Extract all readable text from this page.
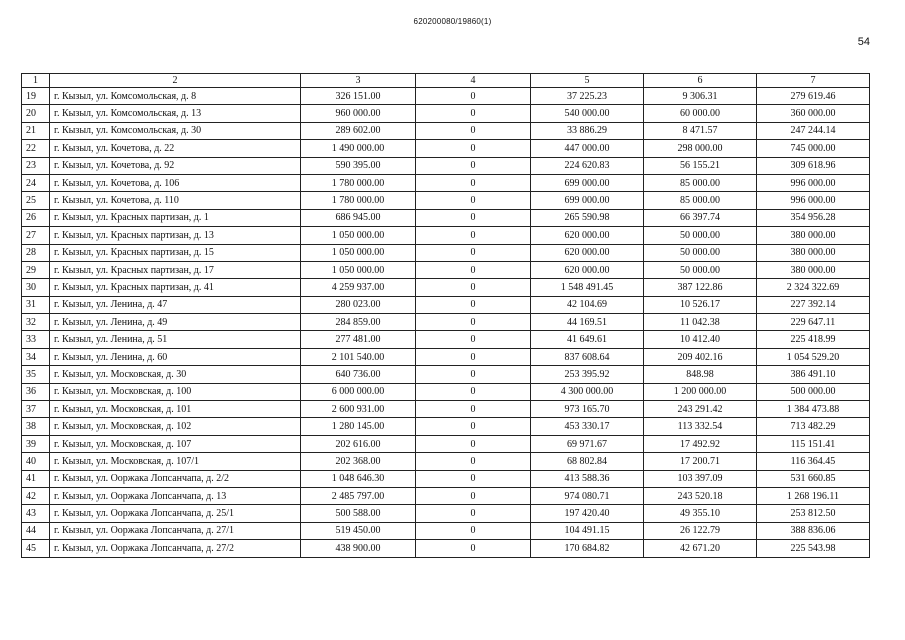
620200080/19860(1)
54
1	2	3	4	5	6	7
19	г. Кызыл, ул. Комсомольская, д. 8	326 151.00	0	37 225.23	9 306.31	279 619.46
20	г. Кызыл, ул. Комсомольская, д. 13	960 000.00	0	540 000.00	60 000.00	360 000.00
21	г. Кызыл, ул. Комсомольская, д. 30	289 602.00	0	33 886.29	8 471.57	247 244.14
22	г. Кызыл, ул. Кочетова, д. 22	1 490 000.00	0	447 000.00	298 000.00	745 000.00
23	г. Кызыл, ул. Кочетова, д. 92	590 395.00	0	224 620.83	56 155.21	309 618.96
24	г. Кызыл, ул. Кочетова, д. 106	1 780 000.00	0	699 000.00	85 000.00	996 000.00
25	г. Кызыл, ул. Кочетова, д. 110	1 780 000.00	0	699 000.00	85 000.00	996 000.00
26	г. Кызыл, ул. Красных партизан, д. 1	686 945.00	0	265 590.98	66 397.74	354 956.28
27	г. Кызыл, ул. Красных партизан, д. 13	1 050 000.00	0	620 000.00	50 000.00	380 000.00
28	г. Кызыл, ул. Красных партизан, д. 15	1 050 000.00	0	620 000.00	50 000.00	380 000.00
29	г. Кызыл, ул. Красных партизан, д. 17	1 050 000.00	0	620 000.00	50 000.00	380 000.00
30	г. Кызыл, ул. Красных партизан, д. 41	4 259 937.00	0	1 548 491.45	387 122.86	2 324 322.69
31	г. Кызыл, ул. Ленина, д. 47	280 023.00	0	42 104.69	10 526.17	227 392.14
32	г. Кызыл, ул. Ленина, д. 49	284 859.00	0	44 169.51	11 042.38	229 647.11
33	г. Кызыл, ул. Ленина, д. 51	277 481.00	0	41 649.61	10 412.40	225 418.99
34	г. Кызыл, ул. Ленина, д. 60	2 101 540.00	0	837 608.64	209 402.16	1 054 529.20
35	г. Кызыл, ул. Московская, д. 30	640 736.00	0	253 395.92	848.98	386 491.10
36	г. Кызыл, ул. Московская, д. 100	6 000 000.00	0	4 300 000.00	1 200 000.00	500 000.00
37	г. Кызыл, ул. Московская, д. 101	2 600 931.00	0	973 165.70	243 291.42	1 384 473.88
38	г. Кызыл, ул. Московская, д. 102	1 280 145.00	0	453 330.17	113 332.54	713 482.29
39	г. Кызыл, ул. Московская, д. 107	202 616.00	0	69 971.67	17 492.92	115 151.41
40	г. Кызыл, ул. Московская, д. 107/1	202 368.00	0	68 802.84	17 200.71	116 364.45
41	г. Кызыл, ул. Ооржака Лопсанчапа, д. 2/2	1 048 646.30	0	413 588.36	103 397.09	531 660.85
42	г. Кызыл, ул. Ооржака Лопсанчапа, д. 13	2 485 797.00	0	974 080.71	243 520.18	1 268 196.11
43	г. Кызыл, ул. Ооржака Лопсанчапа, д. 25/1	500 588.00	0	197 420.40	49 355.10	253 812.50
44	г. Кызыл, ул. Ооржака Лопсанчапа, д. 27/1	519 450.00	0	104 491.15	26 122.79	388 836.06
45	г. Кызыл, ул. Ооржака Лопсанчапа, д. 27/2	438 900.00	0	170 684.82	42 671.20	225 543.98
